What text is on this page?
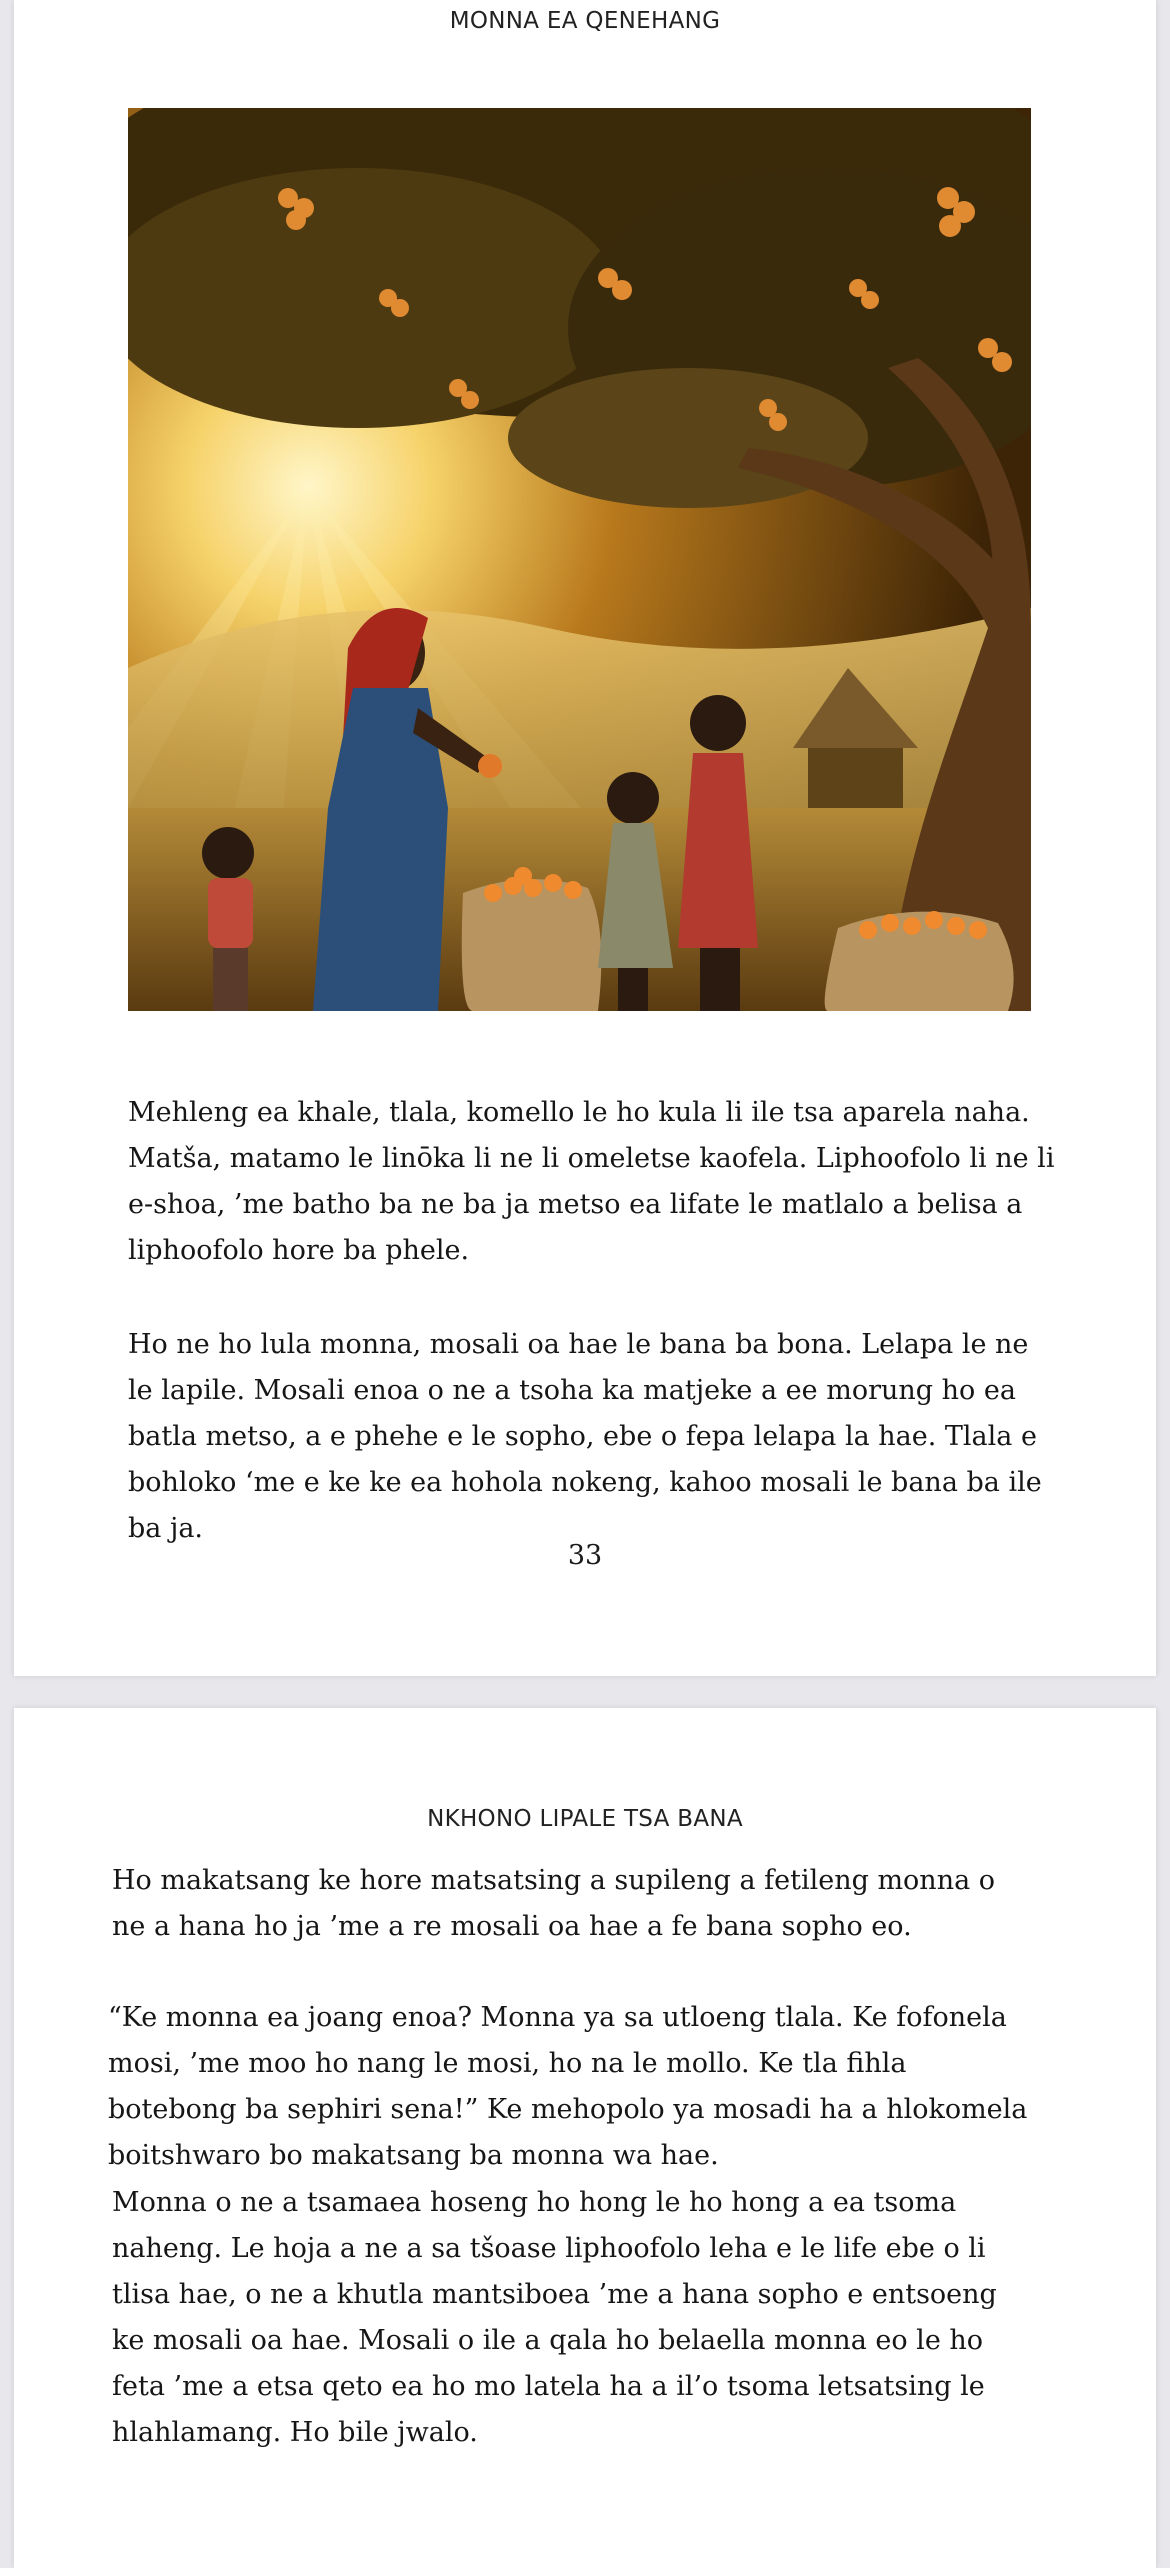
MONNA EA QENEHANG

Mehleng ea khale, tlala, komello le ho kula li ile tsa aparela naha. Matša, matamo le linōka li ne li omeletse kaofela. Liphoofolo li ne li e-shoa, ’me batho ba ne ba ja metso ea lifate le matlalo a belisa a liphoofolo hore ba phele.

Ho ne ho lula monna, mosali oa hae le bana ba bona. Lelapa le ne le lapile. Mosali enoa o ne a tsoha ka matjeke a ee morung ho ea batla metso, a e phehe e le sopho, ebe o fepa lelapa la hae. Tlala e bohloko ‘me e ke ke ea hohola nokeng, kahoo mosali le bana ba ile ba ja.

33
NKHONO LIPALE TSA BANA

Ho makatsang ke hore matsatsing a supileng a fetileng monna o ne a hana ho ja ’me a re mosali oa hae a fe bana sopho eo.

“Ke monna ea joang enoa? Monna ya sa utloeng tlala. Ke fofonela mosi, ’me moo ho nang le mosi, ho na le mollo. Ke tla fihla botebong ba sephiri sena!” Ke mehopolo ya mosadi ha a hlokomela boitshwaro bo makatsang ba monna wa hae.

Monna o ne a tsamaea hoseng ho hong le ho hong a ea tsoma naheng. Le hoja a ne a sa tšoase liphoofolo leha e le life ebe o li tlisa hae, o ne a khutla mantsiboea ’me a hana sopho e entsoeng ke mosali oa hae. Mosali o ile a qala ho belaella monna eo le ho feta ’me a etsa qeto ea ho mo latela ha a il’o tsoma letsatsing le hlahlamang. Ho bile jwalo.
